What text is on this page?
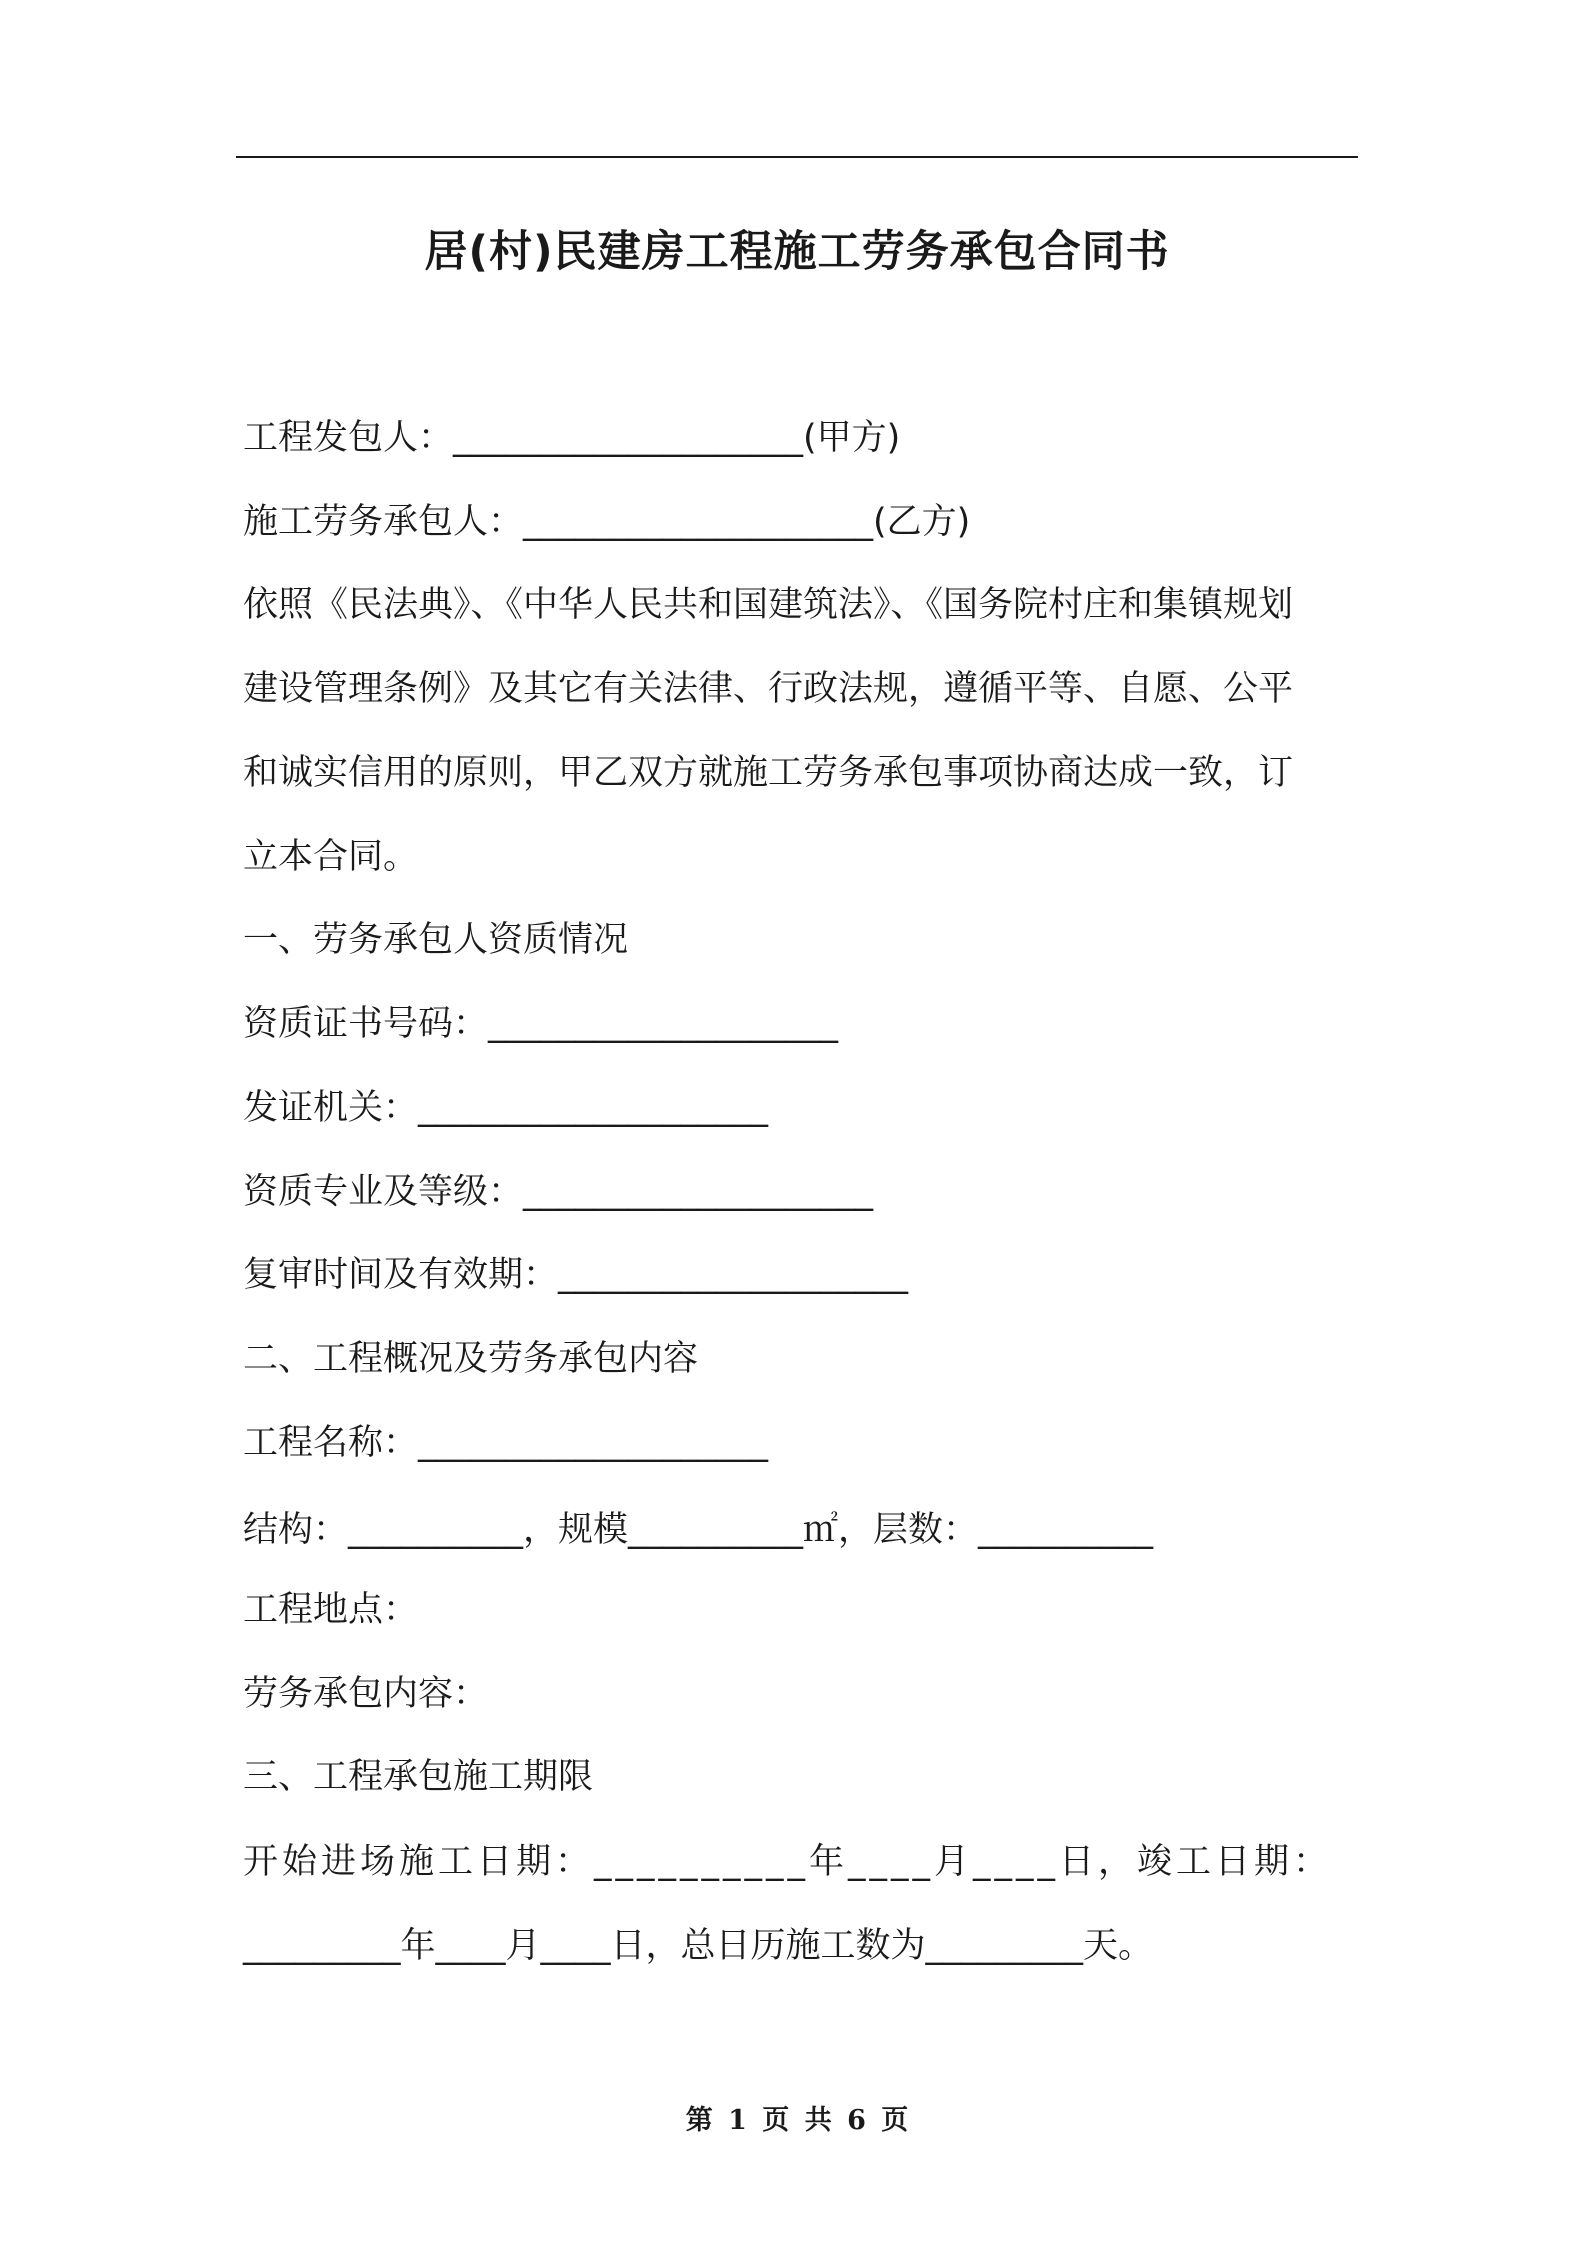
居(村)民建房工程施工劳务承包合同书

工程发包人：____________________(甲方)

施工劳务承包人：____________________(乙方)

依照《民法典》、《中华人民共和国建筑法》、《国务院村庄和集镇规划

建设管理条例》及其它有关法律、行政法规，遵循平等、自愿、公平

和诚实信用的原则，甲乙双方就施工劳务承包事项协商达成一致，订

立本合同。

一、劳务承包人资质情况

资质证书号码：____________________

发证机关：____________________

资质专业及等级：____________________

复审时间及有效期：____________________

二、工程概况及劳务承包内容

工程名称：____________________

结构：__________，规模__________㎡，层数：__________

工程地点：

劳务承包内容：

三、工程承包施工期限

开始进场施工日期：__________年____月____日，竣工日期：

_________年____月____日，总日历施工数为_________天。

第 1 页 共 6 页
